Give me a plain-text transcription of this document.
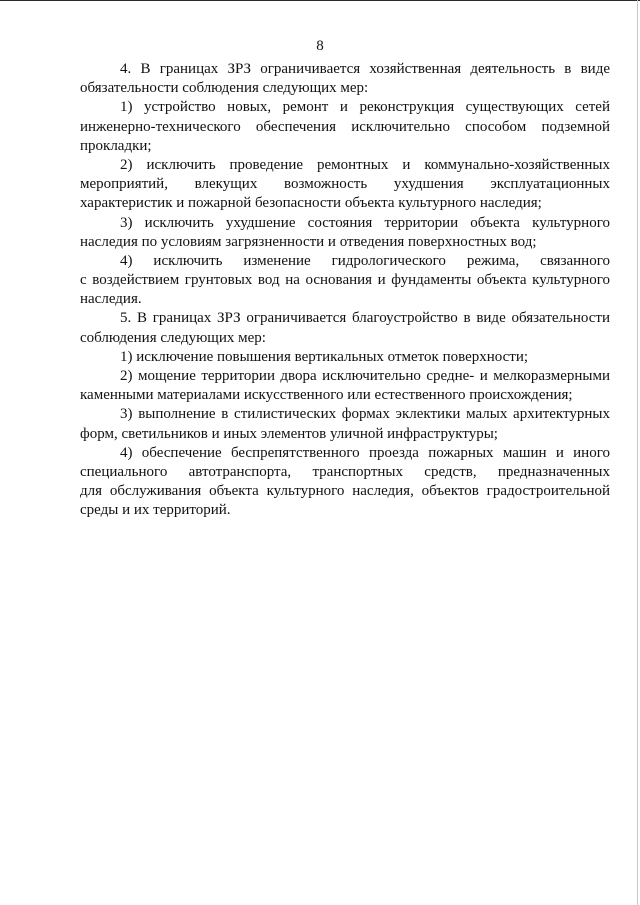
8
4. В границах ЗРЗ ограничивается хозяйственная деятельность в виде
обязательности соблюдения следующих мер:
1) устройство новых, ремонт и реконструкция существующих сетей
инженерно-технического обеспечения исключительно способом подземной
прокладки;
2) исключить проведение ремонтных и коммунально-хозяйственных
мероприятий, влекущих возможность ухудшения эксплуатационных
характеристик и пожарной безопасности объекта культурного наследия;
3) исключить ухудшение состояния территории объекта культурного
наследия по условиям загрязненности и отведения поверхностных вод;
4) исключить изменение гидрологического режима, связанного
с воздействием грунтовых вод на основания и фундаменты объекта культурного
наследия.
5. В границах ЗРЗ ограничивается благоустройство в виде обязательности
соблюдения следующих мер:
1) исключение повышения вертикальных отметок поверхности;
2) мощение территории двора исключительно средне- и мелкоразмерными
каменными материалами искусственного или естественного происхождения;
3) выполнение в стилистических формах эклектики малых архитектурных
форм, светильников и иных элементов уличной инфраструктуры;
4) обеспечение беспрепятственного проезда пожарных машин и иного
специального автотранспорта, транспортных средств, предназначенных
для обслуживания объекта культурного наследия, объектов градостроительной
среды и их территорий.
